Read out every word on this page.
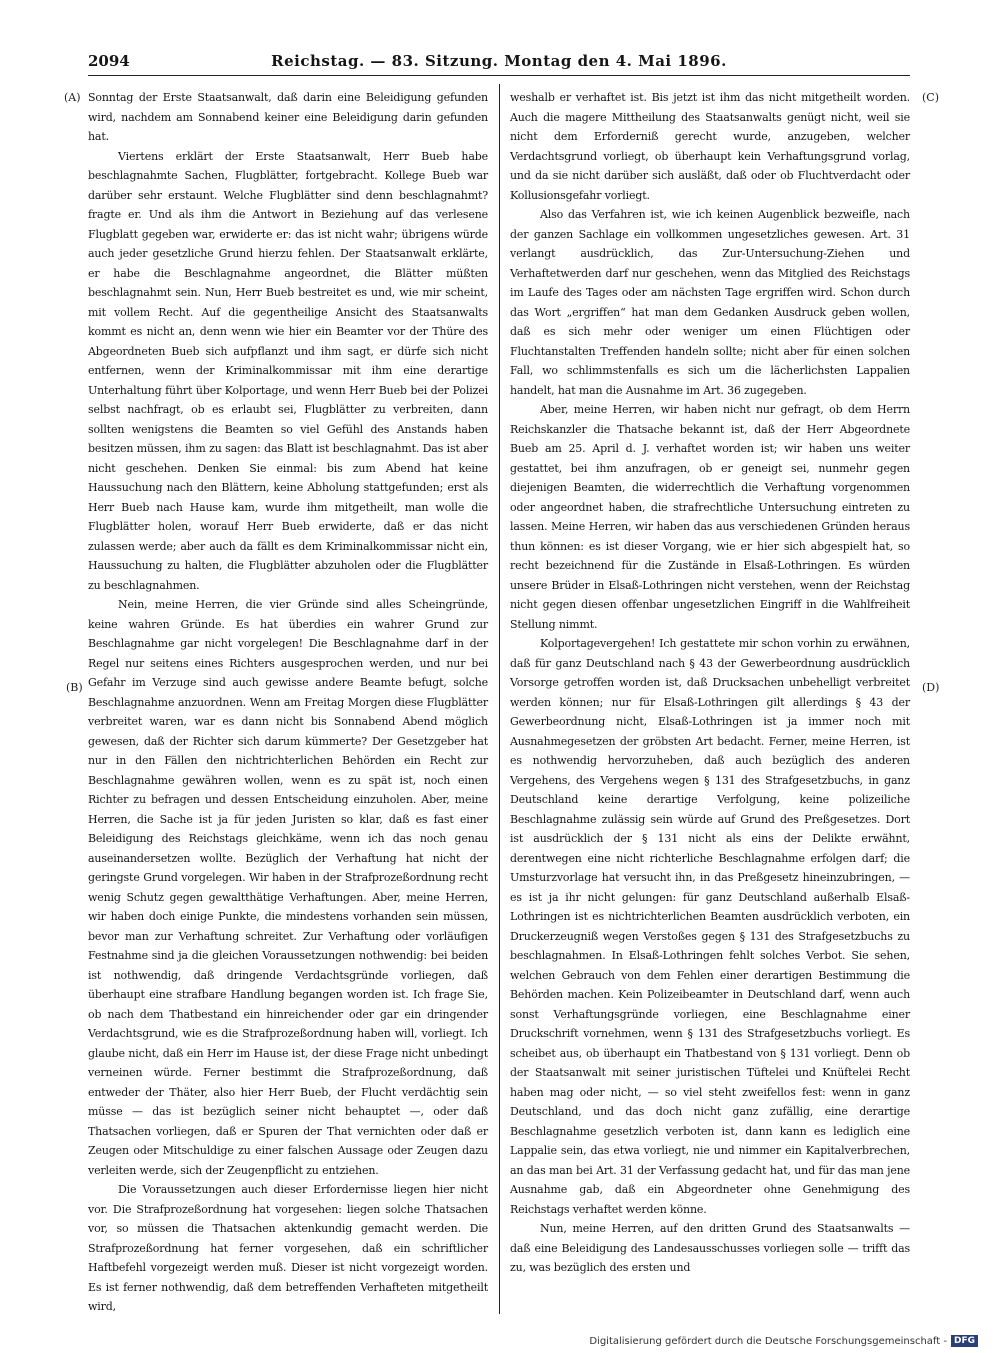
Reichstag. — 83. Sitzung. Montag den 4. Mai 1896.
2094
(A)
(B)
(C)
(D)

Sonntag der Erste Staatsanwalt, daß darin eine Beleidigung gefunden wird, nachdem am Sonnabend keiner eine Beleidigung darin gefunden hat.

Viertens erklärt der Erste Staatsanwalt, Herr Bueb habe beschlagnahmte Sachen, Flugblätter, fortgebracht. Kollege Bueb war darüber sehr erstaunt. Welche Flugblätter sind denn beschlagnahmt? fragte er. Und als ihm die Antwort in Beziehung auf das verlesene Flugblatt gegeben war, erwiderte er: das ist nicht wahr; übrigens würde auch jeder gesetzliche Grund hierzu fehlen. Der Staatsanwalt erklärte, er habe die Beschlagnahme angeordnet, die Blätter müßten beschlagnahmt sein. Nun, Herr Bueb bestreitet es und, wie mir scheint, mit vollem Recht. Auf die gegentheilige Ansicht des Staatsanwalts kommt es nicht an, denn wenn wie hier ein Beamter vor der Thüre des Abgeordneten Bueb sich aufpflanzt und ihm sagt, er dürfe sich nicht entfernen, wenn der Kriminalkommissar mit ihm eine derartige Unterhaltung führt über Kolportage, und wenn Herr Bueb bei der Polizei selbst nachfragt, ob es erlaubt sei, Flugblätter zu verbreiten, dann sollten wenigstens die Beamten so viel Gefühl des Anstands haben besitzen müssen, ihm zu sagen: das Blatt ist beschlagnahmt. Das ist aber nicht geschehen. Denken Sie einmal: bis zum Abend hat keine Haussuchung nach den Blättern, keine Abholung stattgefunden; erst als Herr Bueb nach Hause kam, wurde ihm mitgetheilt, man wolle die Flugblätter holen, worauf Herr Bueb erwiderte, daß er das nicht zulassen werde; aber auch da fällt es dem Kriminalkommissar nicht ein, Haussuchung zu halten, die Flugblätter abzuholen oder die Flugblätter zu beschlagnahmen.

Nein, meine Herren, die vier Gründe sind alles Scheingründe, keine wahren Gründe. Es hat überdies ein wahrer Grund zur Beschlagnahme gar nicht vorgelegen! Die Beschlagnahme darf in der Regel nur seitens eines Richters ausgesprochen werden, und nur bei Gefahr im Verzuge sind auch gewisse andere Beamte befugt, solche Beschlagnahme anzuordnen. Wenn am Freitag Morgen diese Flugblätter verbreitet waren, war es dann nicht bis Sonnabend Abend möglich gewesen, daß der Richter sich darum kümmerte? Der Gesetzgeber hat nur in den Fällen den nichtrichterlichen Behörden ein Recht zur Beschlagnahme gewähren wollen, wenn es zu spät ist, noch einen Richter zu befragen und dessen Entscheidung einzuholen. Aber, meine Herren, die Sache ist ja für jeden Juristen so klar, daß es fast einer Beleidigung des Reichstags gleichkäme, wenn ich das noch genau auseinandersetzen wollte. Bezüglich der Verhaftung hat nicht der geringste Grund vorgelegen. Wir haben in der Strafprozeßordnung recht wenig Schutz gegen gewaltthätige Verhaftungen. Aber, meine Herren, wir haben doch einige Punkte, die mindestens vorhanden sein müssen, bevor man zur Verhaftung schreitet. Zur Verhaftung oder vorläufigen Festnahme sind ja die gleichen Voraussetzungen nothwendig: bei beiden ist nothwendig, daß dringende Verdachtsgründe vorliegen, daß überhaupt eine strafbare Handlung begangen worden ist. Ich frage Sie, ob nach dem Thatbestand ein hinreichender oder gar ein dringender Verdachtsgrund, wie es die Strafprozeßordnung haben will, vorliegt. Ich glaube nicht, daß ein Herr im Hause ist, der diese Frage nicht unbedingt verneinen würde. Ferner bestimmt die Strafprozeßordnung, daß entweder der Thäter, also hier Herr Bueb, der Flucht verdächtig sein müsse — das ist bezüglich seiner nicht behauptet —, oder daß Thatsachen vorliegen, daß er Spuren der That vernichten oder daß er Zeugen oder Mitschuldige zu einer falschen Aussage oder Zeugen dazu verleiten werde, sich der Zeugenpflicht zu entziehen.

Die Voraussetzungen auch dieser Erfordernisse liegen hier nicht vor. Die Strafprozeßordnung hat vorgesehen: liegen solche Thatsachen vor, so müssen die Thatsachen aktenkundig gemacht werden. Die Strafprozeßordnung hat ferner vorgesehen, daß ein schriftlicher Haftbefehl vorgezeigt werden muß. Dieser ist nicht vorgezeigt worden. Es ist ferner nothwendig, daß dem betreffenden Verhafteten mitgetheilt wird,

weshalb er verhaftet ist. Bis jetzt ist ihm das nicht mitgetheilt worden. Auch die magere Mittheilung des Staatsanwalts genügt nicht, weil sie nicht dem Erforderniß gerecht wurde, anzugeben, welcher Verdachtsgrund vorliegt, ob überhaupt kein Verhaftungsgrund vorlag, und da sie nicht darüber sich ausläßt, daß oder ob Fluchtverdacht oder Kollusionsgefahr vorliegt.

Also das Verfahren ist, wie ich keinen Augenblick bezweifle, nach der ganzen Sachlage ein vollkommen ungesetzliches gewesen. Art. 31 verlangt ausdrücklich, das Zur-Untersuchung-Ziehen und Verhaftetwerden darf nur geschehen, wenn das Mitglied des Reichstags im Laufe des Tages oder am nächsten Tage ergriffen wird. Schon durch das Wort „ergriffen“ hat man dem Gedanken Ausdruck geben wollen, daß es sich mehr oder weniger um einen Flüchtigen oder Fluchtanstalten Treffenden handeln sollte; nicht aber für einen solchen Fall, wo schlimmstenfalls es sich um die lächerlichsten Lappalien handelt, hat man die Ausnahme im Art. 36 zugegeben.

Aber, meine Herren, wir haben nicht nur gefragt, ob dem Herrn Reichskanzler die Thatsache bekannt ist, daß der Herr Abgeordnete Bueb am 25. April d. J. verhaftet worden ist; wir haben uns weiter gestattet, bei ihm anzufragen, ob er geneigt sei, nunmehr gegen diejenigen Beamten, die widerrechtlich die Verhaftung vorgenommen oder angeordnet haben, die strafrechtliche Untersuchung eintreten zu lassen. Meine Herren, wir haben das aus verschiedenen Gründen heraus thun können: es ist dieser Vorgang, wie er hier sich abgespielt hat, so recht bezeichnend für die Zustände in Elsaß-Lothringen. Es würden unsere Brüder in Elsaß-Lothringen nicht verstehen, wenn der Reichstag nicht gegen diesen offenbar ungesetzlichen Eingriff in die Wahlfreiheit Stellung nimmt.

Kolportagevergehen! Ich gestattete mir schon vorhin zu erwähnen, daß für ganz Deutschland nach § 43 der Gewerbeordnung ausdrücklich Vorsorge getroffen worden ist, daß Drucksachen unbehelligt verbreitet werden können; nur für Elsaß-Lothringen gilt allerdings § 43 der Gewerbeordnung nicht, Elsaß-Lothringen ist ja immer noch mit Ausnahmegesetzen der gröbsten Art bedacht. Ferner, meine Herren, ist es nothwendig hervorzuheben, daß auch bezüglich des anderen Vergehens, des Vergehens wegen § 131 des Strafgesetzbuchs, in ganz Deutschland keine derartige Verfolgung, keine polizeiliche Beschlagnahme zulässig sein würde auf Grund des Preßgesetzes. Dort ist ausdrücklich der § 131 nicht als eins der Delikte erwähnt, derentwegen eine nicht richterliche Beschlagnahme erfolgen darf; die Umsturzvorlage hat versucht ihn, in das Preßgesetz hineinzubringen, — es ist ja ihr nicht gelungen: für ganz Deutschland außerhalb Elsaß-Lothringen ist es nichtrichterlichen Beamten ausdrücklich verboten, ein Druckerzeugniß wegen Verstoßes gegen § 131 des Strafgesetzbuchs zu beschlagnahmen. In Elsaß-Lothringen fehlt solches Verbot. Sie sehen, welchen Gebrauch von dem Fehlen einer derartigen Bestimmung die Behörden machen. Kein Polizeibeamter in Deutschland darf, wenn auch sonst Verhaftungsgründe vorliegen, eine Beschlagnahme einer Druckschrift vornehmen, wenn § 131 des Strafgesetzbuchs vorliegt. Es scheibet aus, ob überhaupt ein Thatbestand von § 131 vorliegt. Denn ob der Staatsanwalt mit seiner juristischen Tüftelei und Knüftelei Recht haben mag oder nicht, — so viel steht zweifellos fest: wenn in ganz Deutschland, und das doch nicht ganz zufällig, eine derartige Beschlagnahme gesetzlich verboten ist, dann kann es lediglich eine Lappalie sein, das etwa vorliegt, nie und nimmer ein Kapitalverbrechen, an das man bei Art. 31 der Verfassung gedacht hat, und für das man jene Ausnahme gab, daß ein Abgeordneter ohne Genehmigung des Reichstags verhaftet werden könne.

Nun, meine Herren, auf den dritten Grund des Staatsanwalts — daß eine Beleidigung des Landesausschusses vorliegen solle — trifft das zu, was bezüglich des ersten und

Digitalisierung gefördert durch die Deutsche Forschungsgemeinschaft - DFG
